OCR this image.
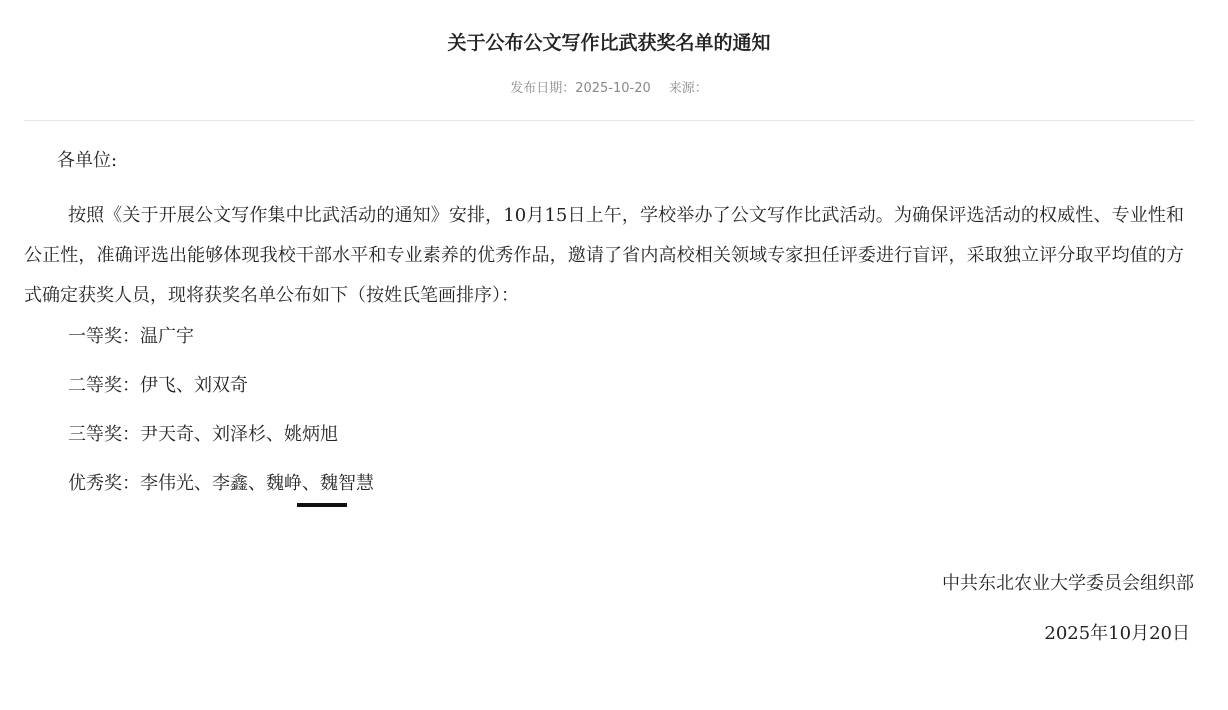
关于公布公文写作比武获奖名单的通知
发布日期：2025-10-20 来源：
各单位:
按照《关于开展公文写作集中比武活动的通知》安排，10月15日上午，学校举办了公文写作比武活动。为确保评选活动的权威性、专业性和公正性，准确评选出能够体现我校干部水平和专业素养的优秀作品，邀请了省内高校相关领域专家担任评委进行盲评，采取独立评分取平均值的方式确定获奖人员，现将获奖名单公布如下（按姓氏笔画排序）：
一等奖：温广宇
二等奖：伊飞、刘双奇
三等奖：尹天奇、刘泽杉、姚炳旭
优秀奖：李伟光、李鑫、魏峥、魏智慧
中共东北农业大学委员会组织部
2025年10月20日
